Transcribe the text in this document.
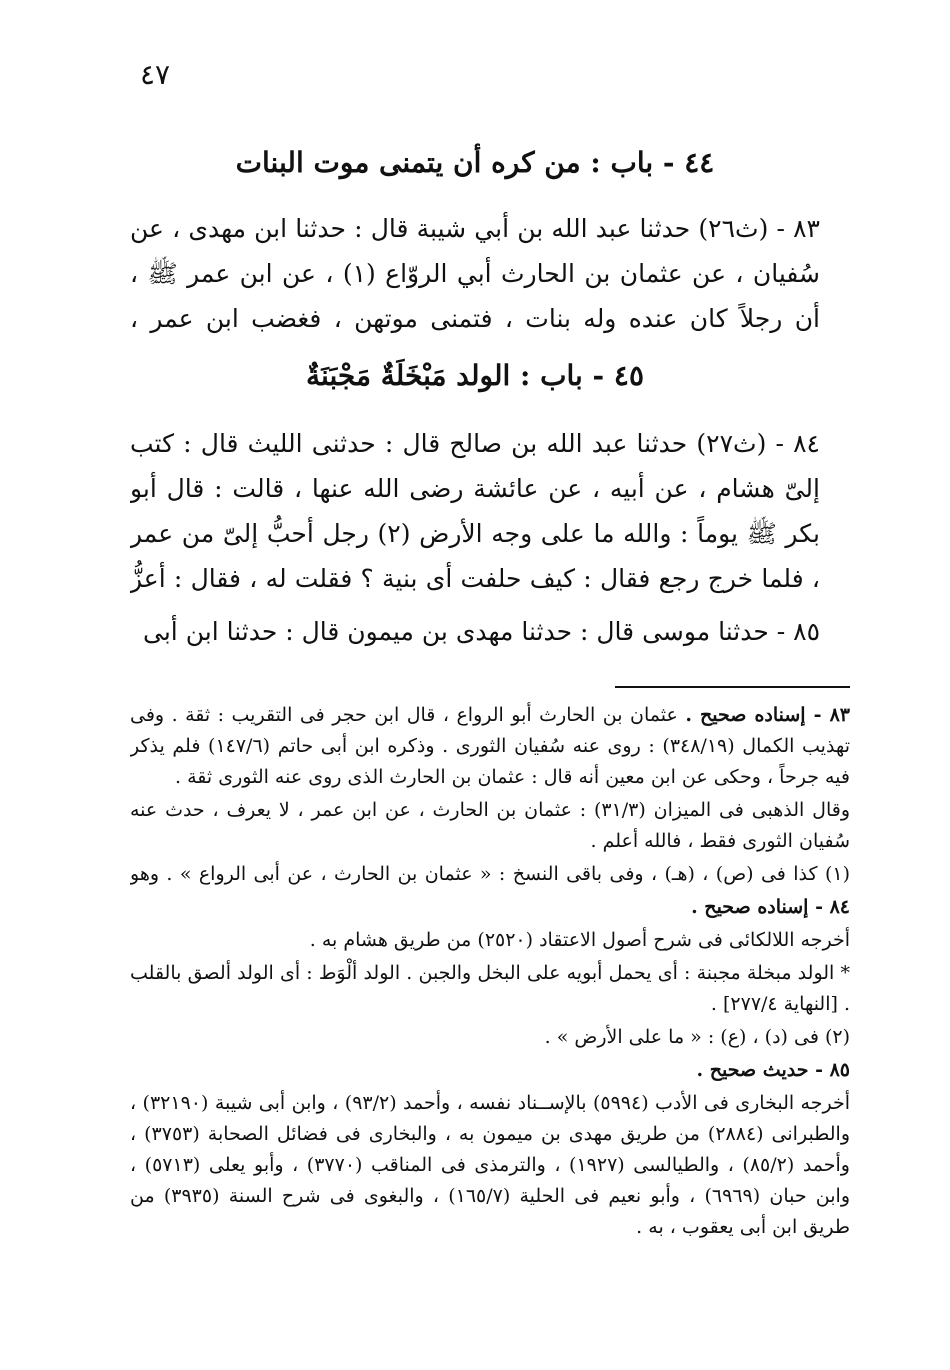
٤٧
٤٤ - باب : من كره أن يتمنى موت البنات

٨٣ - (ث٢٦) حدثنا عبد الله بن أبي شيبة قال : حدثنا ابن مهدى ، عن سُفيان ، عن عثمان بن الحارث أبي الروّاع (١) ، عن ابن عمر ﷺ ، أن رجلاً كان عنده وله بنات ، فتمنى موتهن ، فغضب ابن عمر ،

٤٥ - باب : الولد مَبْخَلَةٌ مَجْبَنَةٌ

٨٤ - (ث٢٧) حدثنا عبد الله بن صالح قال : حدثنى الليث قال : كتب إلىّ هشام ، عن أبيه ، عن عائشة رضى الله عنها ، قالت : قال أبو بكر ﷺ يوماً : والله ما على وجه الأرض (٢) رجل أحبُّ إلىّ من عمر ، فلما خرج رجع فقال : كيف حلفت أى بنية ؟ فقلت له ، فقال : أعزُّ

٨٥ - حدثنا موسى قال : حدثنا مهدى بن ميمون قال : حدثنا ابن أبى

٨٣ - إسناده صحيح . عثمان بن الحارث أبو الرواع ، قال ابن حجر فى التقريب : ثقة . وفى تهذيب الكمال (٣٤٨/١٩) : روى عنه سُفيان الثورى . وذكره ابن أبى حاتم (١٤٧/٦) فلم يذكر فيه جرحاً ، وحكى عن ابن معين أنه قال : عثمان بن الحارث الذى روى عنه الثورى ثقة .

وقال الذهبى فى الميزان (٣١/٣) : عثمان بن الحارث ، عن ابن عمر ، لا يعرف ، حدث عنه سُفيان الثورى فقط ، فالله أعلم .

(١) كذا فى (ص) ، (هـ) ، وفى باقى النسخ : « عثمان بن الحارث ، عن أبى الرواع » . وهو

٨٤ - إسناده صحيح .

أخرجه اللالكائى فى شرح أصول الاعتقاد (٢٥٢٠) من طريق هشام به .

* الولد مبخلة مجبنة : أى يحمل أبويه على البخل والجبن . الولد ألْوَط : أى الولد ألصق بالقلب . [النهاية ٢٧٧/٤] .

(٢) فى (د) ، (ع) : « ما على الأرض » .

٨٥ - حديث صحيح .

أخرجه البخارى فى الأدب (٥٩٩٤) بالإســناد نفسه ، وأحمد (٩٣/٢) ، وابن أبى شيبة (٣٢١٩٠) ، والطبرانى (٢٨٨٤) من طريق مهدى بن ميمون به ، والبخارى فى فضائل الصحابة (٣٧٥٣) ، وأحمد (٨٥/٢) ، والطيالسى (١٩٢٧) ، والترمذى فى المناقب (٣٧٧٠) ، وأبو يعلى (٥٧١٣) ، وابن حبان (٦٩٦٩) ، وأبو نعيم فى الحلية (١٦٥/٧) ، والبغوى فى شرح السنة (٣٩٣٥) من طريق ابن أبى يعقوب ، به .
